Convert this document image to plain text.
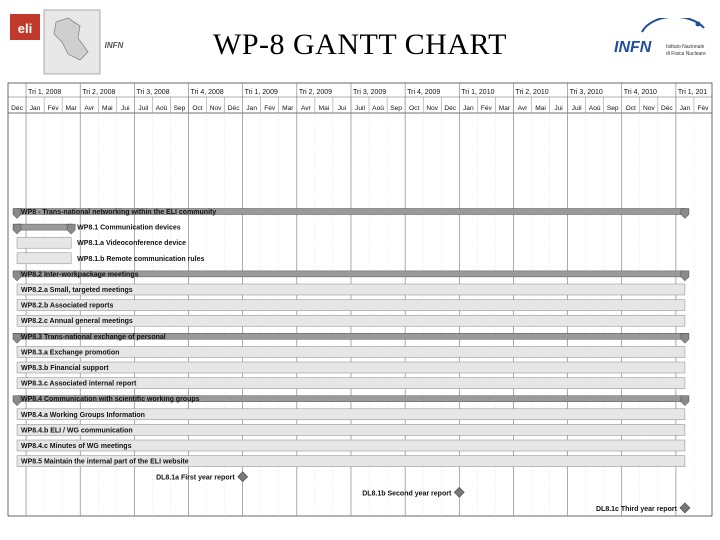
WP-8 GANTT CHART
eli
INFN	INFN	Istituto Nazionale
di Fisica Nucleare
Déc Jan Fév Mar Avr Mai Jui Juil Aoû Sep Oct Nov Déc Jan Fév Mar Avr Mai Jui Juil Aoû Sep Oct Nov Déc Jan Fév Mar Avr Mai Jui Juil Aoû Sep Oct Nov Déc Jan Fév
Tri 1, 2008	Tri 2, 2008	Tri 3, 2008	Tri 4, 2008	Tri 1, 2009	Tri 2, 2009	Tri 3, 2009	Tri 4, 2009	Tri 1, 2010	Tri 2, 2010	Tri 3, 2010	Tri 4, 2010	Tri 1, 201
WP8 - Trans-national networking within the ELI community
WP8.1 Communication devices
WP8.1.a Videoconference device
WP8.1.b Remote communication rules
WP8.2 Inter-workpackage meetings
WP8.2.a Small, targeted meetings
WP8.2.b Associated reports
WP8.2.c Annual general meetings
WP8.3 Trans-national exchange of personal
WP8.3.a Exchange promotion
WP8.3.b Financial support
WP8.3.c Associated internal report
WP8.4 Communication with scientific working groups
WP8.4.a Working Groups Information
WP8.4.b ELI / WG communication
WP8.4.c Minutes of WG meetings
WP8.5 Maintain the internal part of the ELI website
DL8.1a First year report
DL8.1b Second year report
DL8.1c Third year report
